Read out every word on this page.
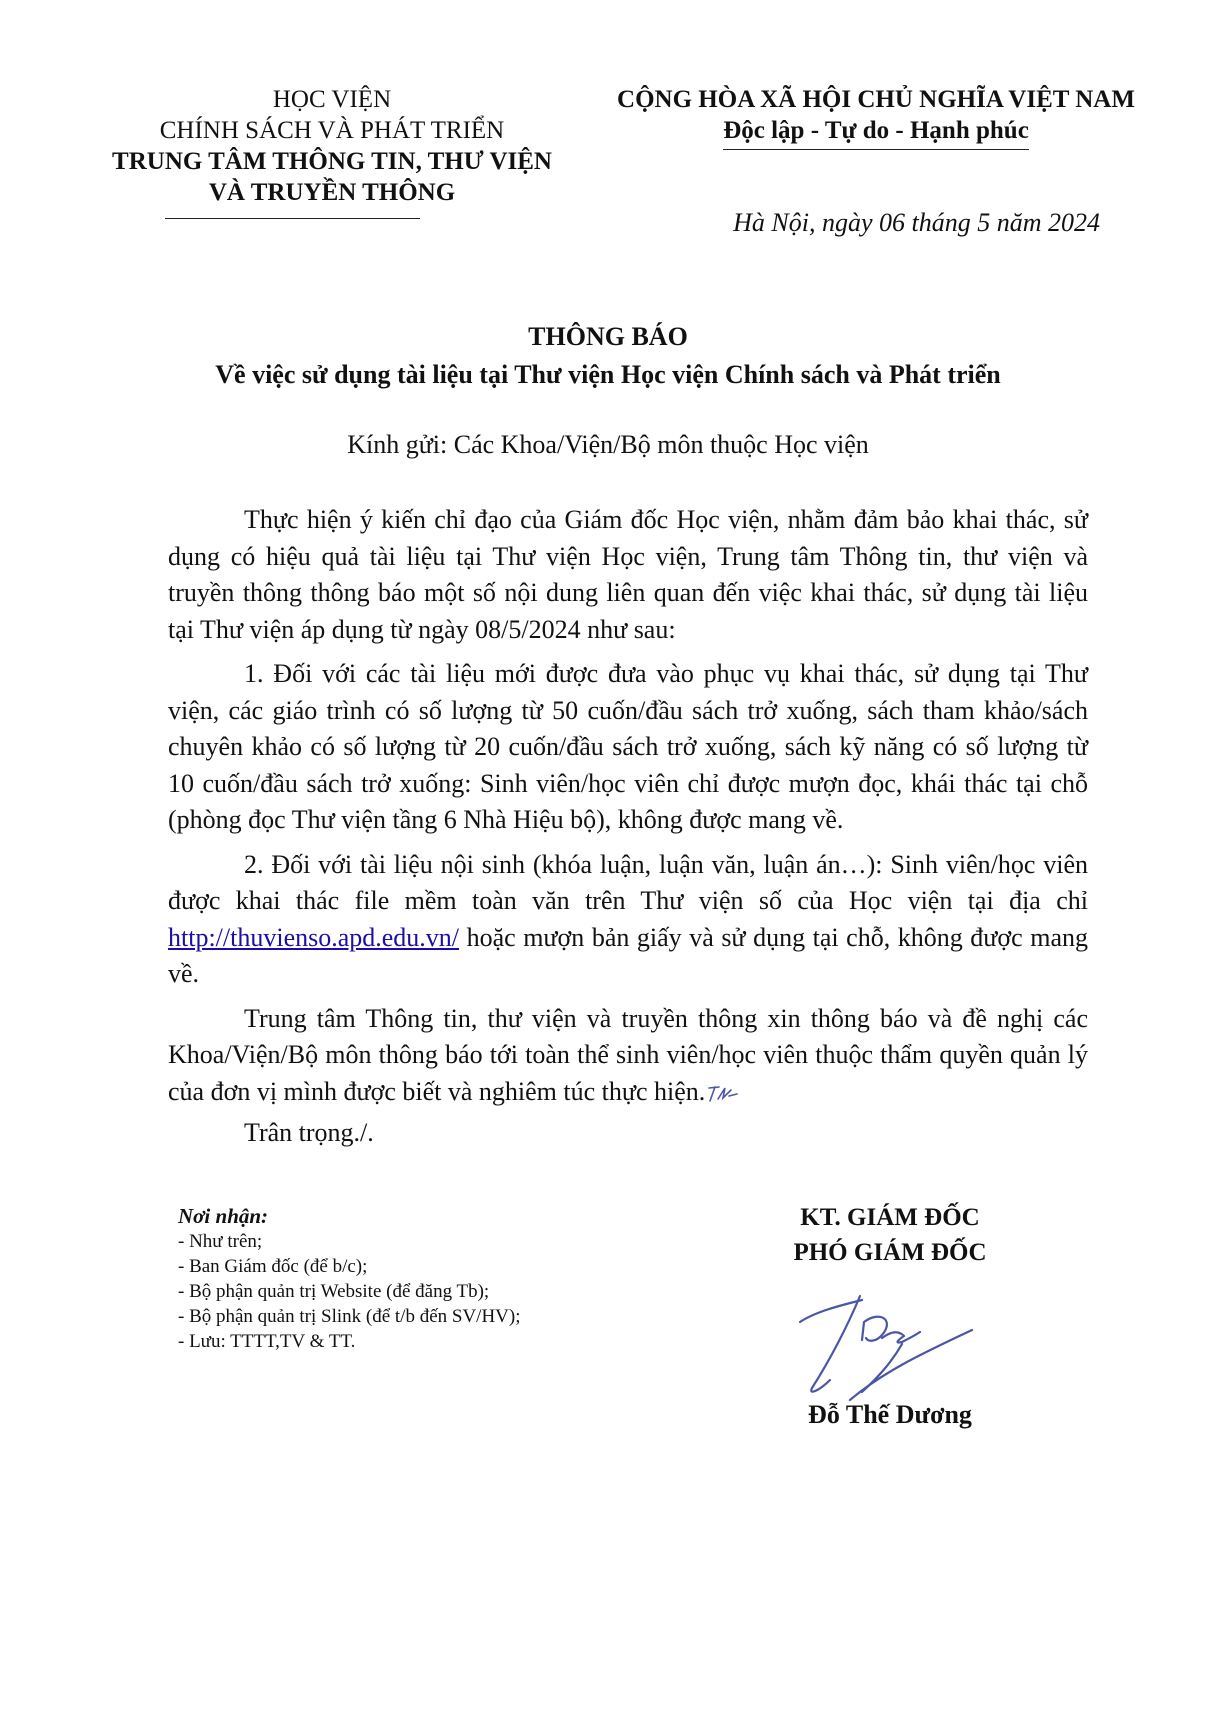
HỌC VIỆN
CHÍNH SÁCH VÀ PHÁT TRIỂN
TRUNG TÂM THÔNG TIN, THƯ VIỆN
VÀ TRUYỀN THÔNG
CỘNG HÒA XÃ HỘI CHỦ NGHĨA VIỆT NAM
Độc lập - Tự do - Hạnh phúc
Hà Nội, ngày 06 tháng 5 năm 2024
THÔNG BÁO
Về việc sử dụng tài liệu tại Thư viện Học viện Chính sách và Phát triển
Kính gửi: Các Khoa/Viện/Bộ môn thuộc Học viện

Thực hiện ý kiến chỉ đạo của Giám đốc Học viện, nhằm đảm bảo khai thác, sử dụng có hiệu quả tài liệu tại Thư viện Học viện, Trung tâm Thông tin, thư viện và truyền thông thông báo một số nội dung liên quan đến việc khai thác, sử dụng tài liệu tại Thư viện áp dụng từ ngày 08/5/2024 như sau:

1. Đối với các tài liệu mới được đưa vào phục vụ khai thác, sử dụng tại Thư viện, các giáo trình có số lượng từ 50 cuốn/đầu sách trở xuống, sách tham khảo/sách chuyên khảo có số lượng từ 20 cuốn/đầu sách trở xuống, sách kỹ năng có số lượng từ 10 cuốn/đầu sách trở xuống: Sinh viên/học viên chỉ được mượn đọc, khái thác tại chỗ (phòng đọc Thư viện tầng 6 Nhà Hiệu bộ), không được mang về.

2. Đối với tài liệu nội sinh (khóa luận, luận văn, luận án…): Sinh viên/học viên được khai thác file mềm toàn văn trên Thư viện số của Học viện tại địa chỉ http://thuvienso.apd.edu.vn/ hoặc mượn bản giấy và sử dụng tại chỗ, không được mang về.

Trung tâm Thông tin, thư viện và truyền thông xin thông báo và đề nghị các Khoa/Viện/Bộ môn thông báo tới toàn thể sinh viên/học viên thuộc thẩm quyền quản lý của đơn vị mình được biết và nghiêm túc thực hiện.

Trân trọng./.
Nơi nhận:
- Như trên;
- Ban Giám đốc (để b/c);
- Bộ phận quản trị Website (để đăng Tb);
- Bộ phận quản trị Slink (để t/b đến SV/HV);
- Lưu: TTTT,TV & TT.
KT. GIÁM ĐỐC
PHÓ GIÁM ĐỐC
Đỗ Thế Dương
